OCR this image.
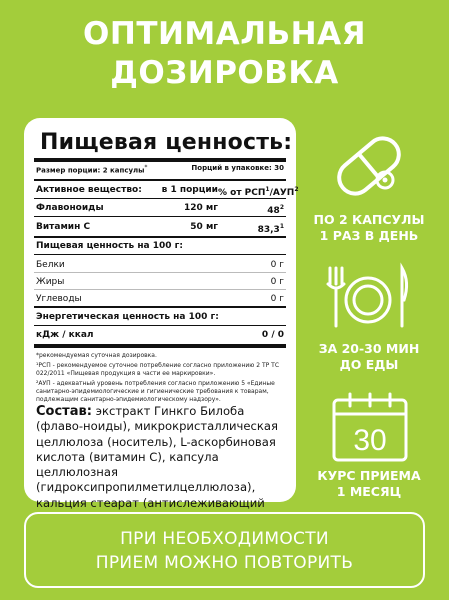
ОПТИМАЛЬНАЯ
ДОЗИРОВКА
Пищевая ценность:
Размер порции: 2 капсулы*	Порций в упаковке: 30
Активное вещество:	в 1 порции % от РСП$^1$/АУП$^2$
Флавоноиды	120 мг	$48^2$
Витамин С	50 мг	83,3$^1$
Пищевая ценность на 100 г:
Белки	0 г
Жиры	0 г
Углеводы	0 г
Энергетическая ценность на 100 г:
кДж / ккал	0 / 0
*рекомендуемая суточная дозировка.
¹РСП - рекомендуемое суточное потребление согласно приложению 2 ТР ТС 022/2011 «Пищевая продукция в части ее маркировки».
²АУП - адекватный уровень потребления согласно приложению 5 «Единые санитарно-эпидемиологические и гигиенические требования к товарам, подлежащим санитарно-эпидемиологическому надзору».
Состав: экстракт Гинкго Билоба (флаво-нoиды), микрокристаллическая целлюлоза (носитель), L-аскорбиновая кислота (витамин С), капсула целлюлозная (гидроксипропилметилцеллюлоза), кальция стеарат (антислеживающий
ПО 2 КАПСУЛЫ
1 РАЗ В ДЕНЬ
ЗА 20-30 МИН
ДО ЕДЫ
30
КУРС ПРИЕМА
1 МЕСЯЦ
ПРИ НЕОБХОДИМОСТИ
ПРИЕМ МОЖНО ПОВТОРИТЬ
